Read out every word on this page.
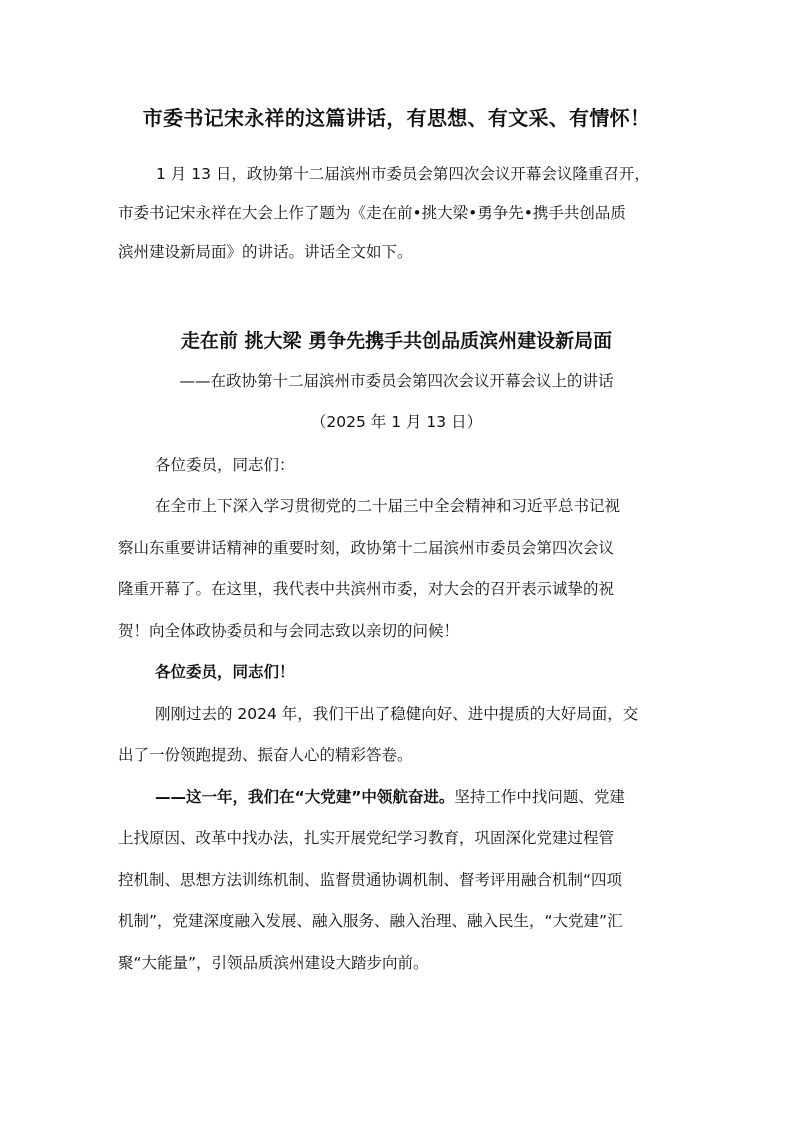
市委书记宋永祥的这篇讲话，有思想、有文采、有情怀！
1 月 13 日，政协第十二届滨州市委员会第四次会议开幕会议隆重召开，
市委书记宋永祥在大会上作了题为《走在前•挑大梁•勇争先•携手共创品质
滨州建设新局面》的讲话。讲话全文如下。
走在前 挑大梁 勇争先携手共创品质滨州建设新局面

——在政协第十二届滨州市委员会第四次会议开幕会议上的讲话

（2025 年 1 月 13 日）

各位委员，同志们：

在全市上下深入学习贯彻党的二十届三中全会精神和习近平总书记视

察山东重要讲话精神的重要时刻，政协第十二届滨州市委员会第四次会议

隆重开幕了。在这里，我代表中共滨州市委，对大会的召开表示诚挚的祝

贺！向全体政协委员和与会同志致以亲切的问候！

各位委员，同志们！

刚刚过去的 2024 年，我们干出了稳健向好、进中提质的大好局面，交

出了一份领跑提劲、振奋人心的精彩答卷。

——这一年，我们在“大党建”中领航奋进。坚持工作中找问题、党建

上找原因、改革中找办法，扎实开展党纪学习教育，巩固深化党建过程管

控机制、思想方法训练机制、监督贯通协调机制、督考评用融合机制“四项

机制”，党建深度融入发展、融入服务、融入治理、融入民生，“大党建”汇

聚“大能量”，引领品质滨州建设大踏步向前。
